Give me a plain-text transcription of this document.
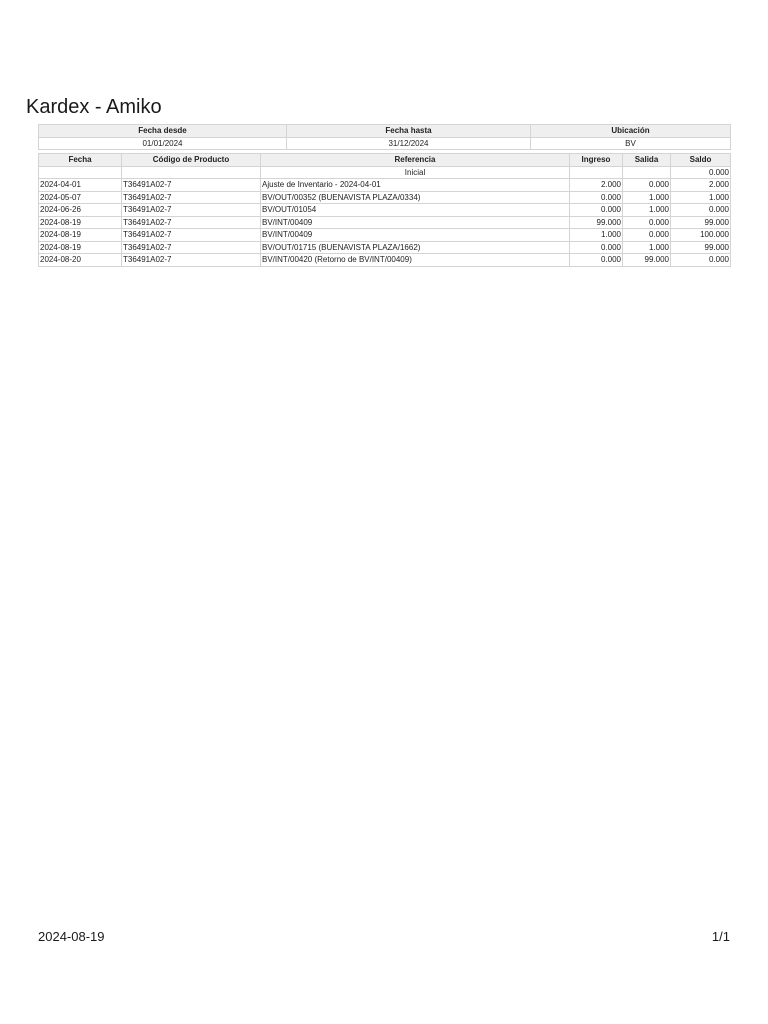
Kardex - Amiko
Fecha desde	Fecha hasta	Ubicación
01/01/2024	31/12/2024	BV
Fecha	Código de Producto	Referencia	Ingreso	Salida	Saldo
		Inicial			0.000
2024-04-01	T36491A02-7	Ajuste de Inventario - 2024-04-01	2.000	0.000	2.000
2024-05-07	T36491A02-7	BV/OUT/00352 (BUENAVISTA PLAZA/0334)	0.000	1.000	1.000
2024-06-26	T36491A02-7	BV/OUT/01054	0.000	1.000	0.000
2024-08-19	T36491A02-7	BV/INT/00409	99.000	0.000	99.000
2024-08-19	T36491A02-7	BV/INT/00409	1.000	0.000	100.000
2024-08-19	T36491A02-7	BV/OUT/01715 (BUENAVISTA PLAZA/1662)	0.000	1.000	99.000
2024-08-20	T36491A02-7	BV/INT/00420 (Retorno de BV/INT/00409)	0.000	99.000	0.000
2024-08-19	1/1
